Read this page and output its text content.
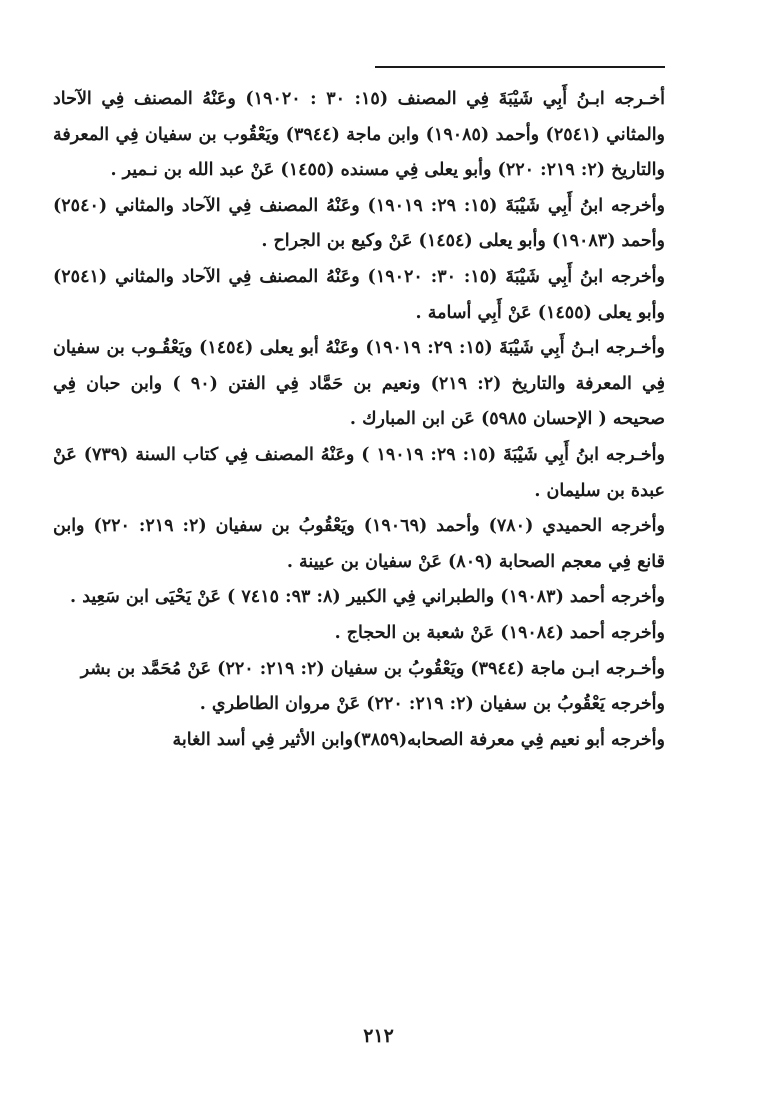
أخـرجه ابـنُ أَبِي شَيْبَةَ فِي المصنف (١٥: ٣٠ : ١٩٠٢٠) وعَنْهُ المصنف فِي الآحاد والمثاني (٢٥٤١) وأحمد (١٩٠٨٥) وابن ماجة (٣٩٤٤) ويَعْقُوب بن سفيان فِي المعرفة والتاريخ (٢: ٢١٩: ٢٢٠) وأبو يعلى فِي مسنده (١٤٥٥) عَنْ عبد الله بن نـمير .

وأخرجه ابنُ أَبِي شَيْبَةَ (١٥: ٢٩: ١٩٠١٩) وعَنْهُ المصنف فِي الآحاد والمثاني (٢٥٤٠) وأحمد (١٩٠٨٣) وأبو يعلى (١٤٥٤) عَنْ وكيع بن الجراح .

وأخرجه ابنُ أَبِي شَيْبَةَ (١٥: ٣٠: ١٩٠٢٠) وعَنْهُ المصنف فِي الآحاد والمثاني (٢٥٤١) وأبو يعلى (١٤٥٥) عَنْ أَبِي أسامة .

وأخـرجه ابـنُ أَبِي شَيْبَةَ (١٥: ٢٩: ١٩٠١٩) وعَنْهُ أبو يعلى (١٤٥٤) ويَعْقُـوب بن سفيان فِي المعرفة والتاريخ (٢: ٢١٩) ونعيم بن حَمَّاد فِي الفتن (٩٠ ) وابن حبان فِي صحيحه ( الإحسان ٥٩٨٥) عَن ابن المبارك .

وأخـرجه ابنُ أَبِي شَيْبَةَ (١٥: ٢٩: ١٩٠١٩ ) وعَنْهُ المصنف فِي كتاب السنة (٧٣٩) عَنْ عبدة بن سليمان .

وأخرجه الحميدي (٧٨٠) وأحمد (١٩٠٦٩) ويَعْقُوبُ بن سفيان (٢: ٢١٩: ٢٢٠) وابن قانع فِي معجم الصحابة (٨٠٩) عَنْ سفيان بن عيينة .

وأخرجه أحمد (١٩٠٨٣) والطبراني فِي الكبير (٨: ٩٣: ٧٤١٥ ) عَنْ يَحْيَى ابن سَعِيد .

وأخرجه أحمد (١٩٠٨٤) عَنْ شعبة بن الحجاج .

وأخـرجه ابـن ماجة (٣٩٤٤) ويَعْقُوبُ بن سفيان (٢: ٢١٩: ٢٢٠) عَنْ مُحَمَّد بن بشر

وأخرجه يَعْقُوبُ بن سفيان (٢: ٢١٩: ٢٢٠) عَنْ مروان الطاطري .

وأخرجه أبو نعيم فِي معرفة الصحابه(٣٨٥٩)وابن الأثير فِي أسد الغابة

٢١٢
